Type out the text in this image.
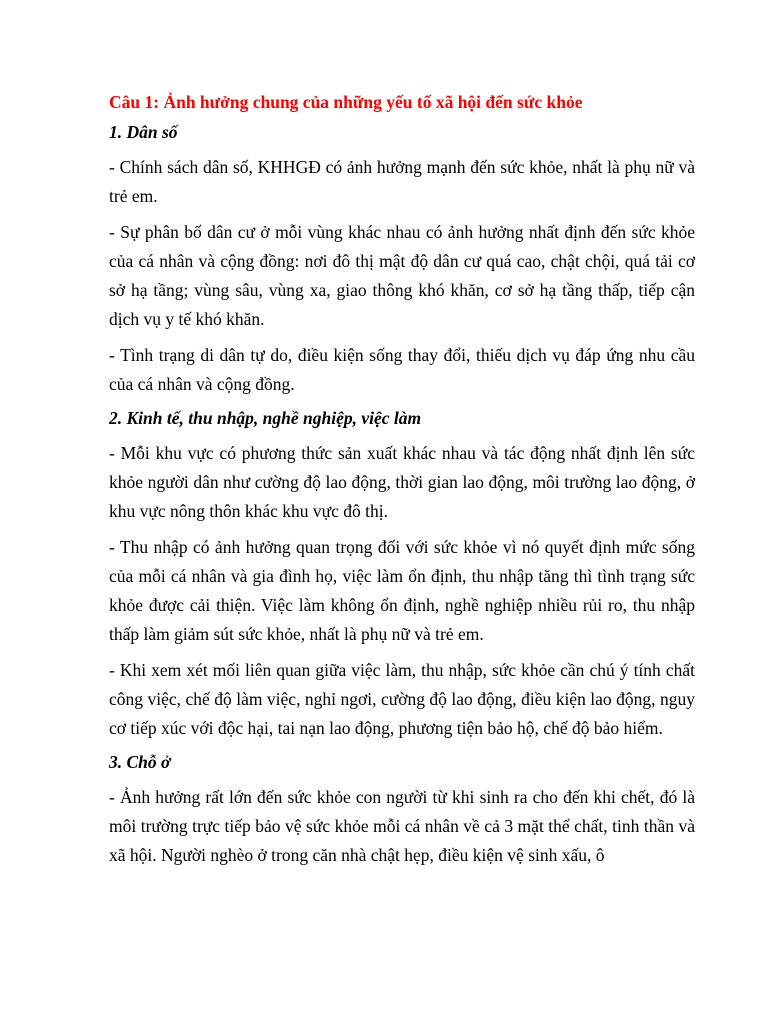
Câu 1: Ảnh hưởng chung của những yếu tố xã hội đến sức khỏe
1. Dân số

- Chính sách dân số, KHHGĐ có ảnh hưởng mạnh đến sức khỏe, nhất là phụ nữ và trẻ em.

- Sự phân bố dân cư ở mỗi vùng khác nhau có ảnh hưởng nhất định đến sức khỏe của cá nhân và cộng đồng: nơi đô thị mật độ dân cư quá cao, chật chội, quá tải cơ sở hạ tầng; vùng sâu, vùng xa, giao thông khó khăn, cơ sở hạ tầng thấp, tiếp cận dịch vụ y tế khó khăn.

- Tình trạng di dân tự do, điều kiện sống thay đổi, thiếu dịch vụ đáp ứng nhu cầu của cá nhân và cộng đồng.

2. Kinh tế, thu nhập, nghề nghiệp, việc làm

- Mỗi khu vực có phương thức sản xuất khác nhau và tác động nhất định lên sức khỏe người dân như cường độ lao động, thời gian lao động, môi trường lao động, ở khu vực nông thôn khác khu vực đô thị.

- Thu nhập có ảnh hưởng quan trọng đối với sức khỏe vì nó quyết định mức sống của mỗi cá nhân và gia đình họ, việc làm ổn định, thu nhập tăng thì tình trạng sức khỏe được cải thiện. Việc làm không ổn định, nghề nghiệp nhiều rủi ro, thu nhập thấp làm giảm sút sức khỏe, nhất là phụ nữ và trẻ em.

- Khi xem xét mối liên quan giữa việc làm, thu nhập, sức khỏe cần chú ý tính chất công việc, chế độ làm việc, nghỉ ngơi, cường độ lao động, điều kiện lao động, nguy cơ tiếp xúc với độc hại, tai nạn lao động, phương tiện bảo hộ, chế độ bảo hiểm.

3. Chỗ ở

- Ảnh hưởng rất lớn đến sức khỏe con người từ khi sinh ra cho đến khi chết, đó là môi trường trực tiếp bảo vệ sức khỏe mỗi cá nhân về cả 3 mặt thể chất, tinh thần và xã hội. Người nghèo ở trong căn nhà chật hẹp, điều kiện vệ sinh xấu, ô
